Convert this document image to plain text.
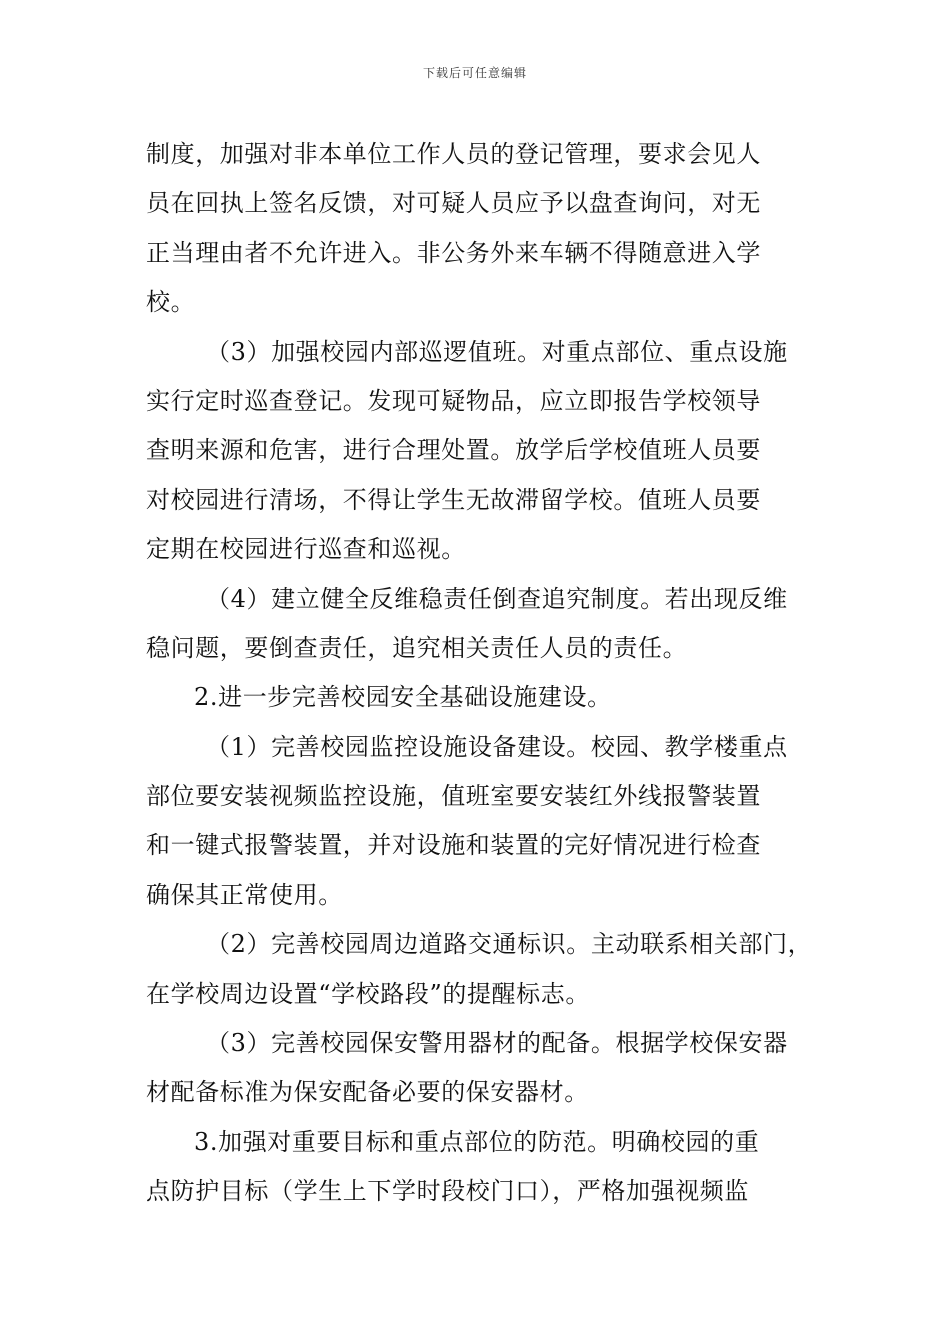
下载后可任意编辑
制度，加强对非本单位工作人员的登记管理，要求会见人
员在回执上签名反馈，对可疑人员应予以盘查询问，对无
正当理由者不允许进入。非公务外来车辆不得随意进入学
校。
（3）加强校园内部巡逻值班。对重点部位、重点设施
实行定时巡查登记。发现可疑物品，应立即报告学校领导
查明来源和危害，进行合理处置。放学后学校值班人员要
对校园进行清场，不得让学生无故滞留学校。值班人员要
定期在校园进行巡查和巡视。
（4）建立健全反维稳责任倒查追究制度。若出现反维
稳问题，要倒查责任，追究相关责任人员的责任。
2.进一步完善校园安全基础设施建设。
（1）完善校园监控设施设备建设。校园、教学楼重点
部位要安装视频监控设施，值班室要安装红外线报警装置
和一键式报警装置，并对设施和装置的完好情况进行检查
确保其正常使用。
（2）完善校园周边道路交通标识。主动联系相关部门，
在学校周边设置“学校路段”的提醒标志。
（3）完善校园保安警用器材的配备。根据学校保安器
材配备标准为保安配备必要的保安器材。
3.加强对重要目标和重点部位的防范。明确校园的重
点防护目标（学生上下学时段校门口），严格加强视频监
